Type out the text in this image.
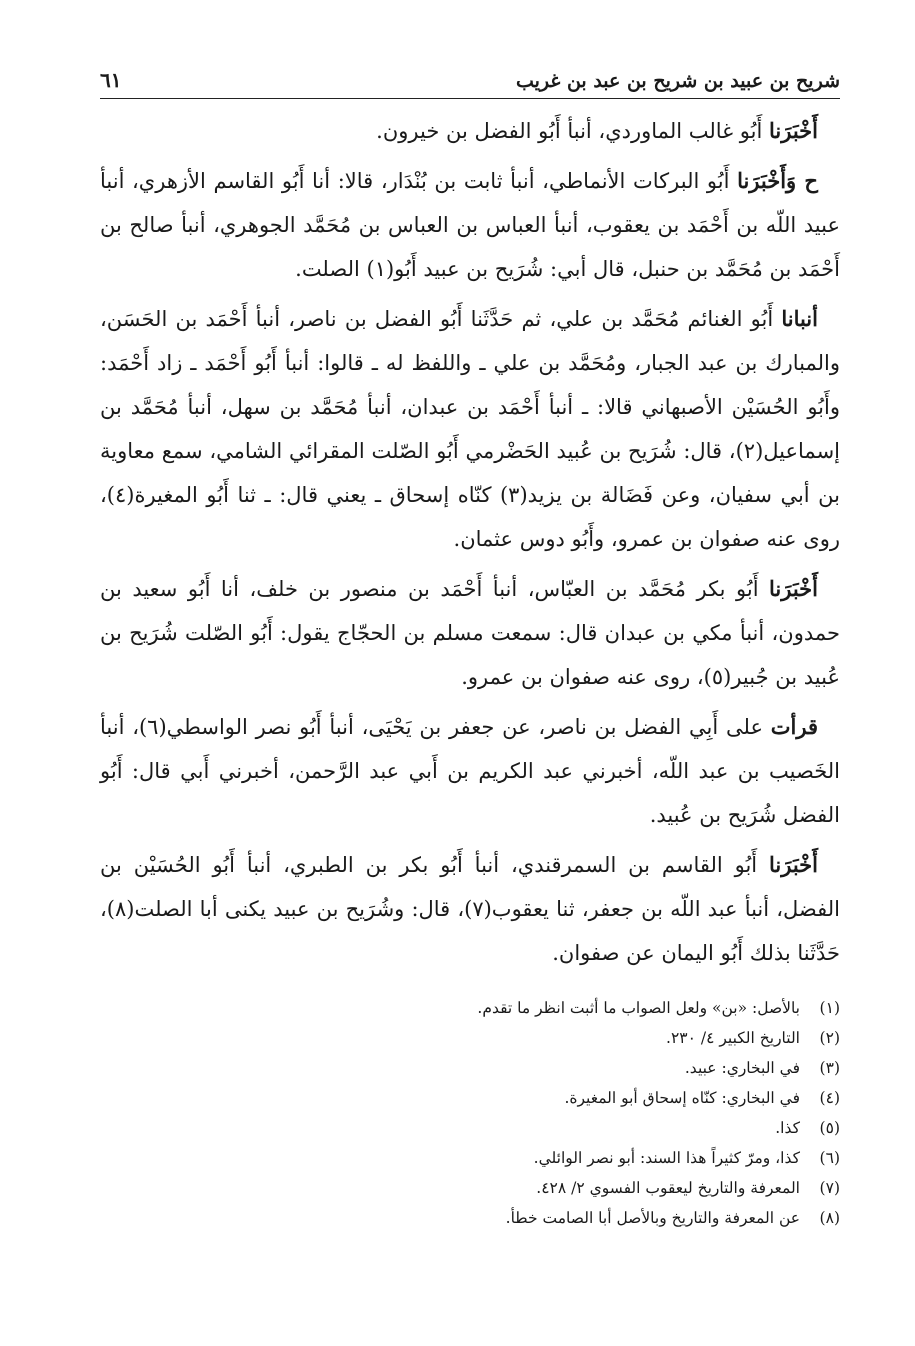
شريح بن عبيد بن شريح بن عبد بن غريب
٦١

أَخْبَرَنا أَبُو غالب الماوردي، أنبأ أَبُو الفضل بن خيرون.

ح وَأَخْبَرَنا أَبُو البركات الأنماطي، أنبأ ثابت بن بُنْدَار، قالا: أنا أَبُو القاسم الأزهري، أنبأ عبيد اللّه بن أَحْمَد بن يعقوب، أنبأ العباس بن العباس بن مُحَمَّد الجوهري، أنبأ صالح بن أَحْمَد بن مُحَمَّد بن حنبل، قال أبي: شُرَيح بن عبيد أَبُو(١) الصلت.

أنبانا أَبُو الغنائم مُحَمَّد بن علي، ثم حَدَّثَنا أَبُو الفضل بن ناصر، أنبأ أَحْمَد بن الحَسَن، والمبارك بن عبد الجبار، ومُحَمَّد بن علي ـ واللفظ له ـ قالوا: أنبأ أَبُو أَحْمَد ـ زاد أَحْمَد: وأَبُو الحُسَيْن الأصبهاني قالا: ـ أنبأ أَحْمَد بن عبدان، أنبأ مُحَمَّد بن سهل، أنبأ مُحَمَّد بن إسماعيل(٢)، قال: شُرَيح بن عُبيد الحَضْرمي أَبُو الصّلت المقرائي الشامي، سمع معاوية بن أبي سفيان، وعن فَضَالة بن يزيد(٣) كنّاه إسحاق ـ يعني قال: ـ ثنا أَبُو المغيرة(٤)، روى عنه صفوان بن عمرو، وأَبُو دوس عثمان.

أَخْبَرَنا أَبُو بكر مُحَمَّد بن العبّاس، أنبأ أَحْمَد بن منصور بن خلف، أنا أَبُو سعيد بن حمدون، أنبأ مكي بن عبدان قال: سمعت مسلم بن الحجّاج يقول: أَبُو الصّلت شُرَيح بن عُبيد بن جُبير(٥)، روى عنه صفوان بن عمرو.

قرأت على أَبِي الفضل بن ناصر، عن جعفر بن يَحْيَى، أنبأ أَبُو نصر الواسطي(٦)، أنبأ الخَصيب بن عبد اللّه، أخبرني عبد الكريم بن أَبي عبد الرَّحمن، أخبرني أَبي قال: أَبُو الفضل شُرَيح بن عُبيد.

أَخْبَرَنا أَبُو القاسم بن السمرقندي، أنبأ أَبُو بكر بن الطبري، أنبأ أَبُو الحُسَيْن بن الفضل، أنبأ عبد اللّه بن جعفر، ثنا يعقوب(٧)، قال: وشُرَيح بن عبيد يكنى أبا الصلت(٨)، حَدَّثَنا بذلك أَبُو اليمان عن صفوان.

(١)
بالأصل: «بن» ولعل الصواب ما أثبت انظر ما تقدم.
(٢)
التاريخ الكبير ٤/ ٢٣٠.
(٣)
في البخاري: عبيد.
(٤)
في البخاري: كنّاه إسحاق أبو المغيرة.
(٥)
كذا.
(٦)
كذا، ومرّ كثيراً هذا السند: أبو نصر الوائلي.
(٧)
المعرفة والتاريخ ليعقوب الفسوي ٢/ ٤٢٨.
(٨)
عن المعرفة والتاريخ وبالأصل أبا الصامت خطأ.
